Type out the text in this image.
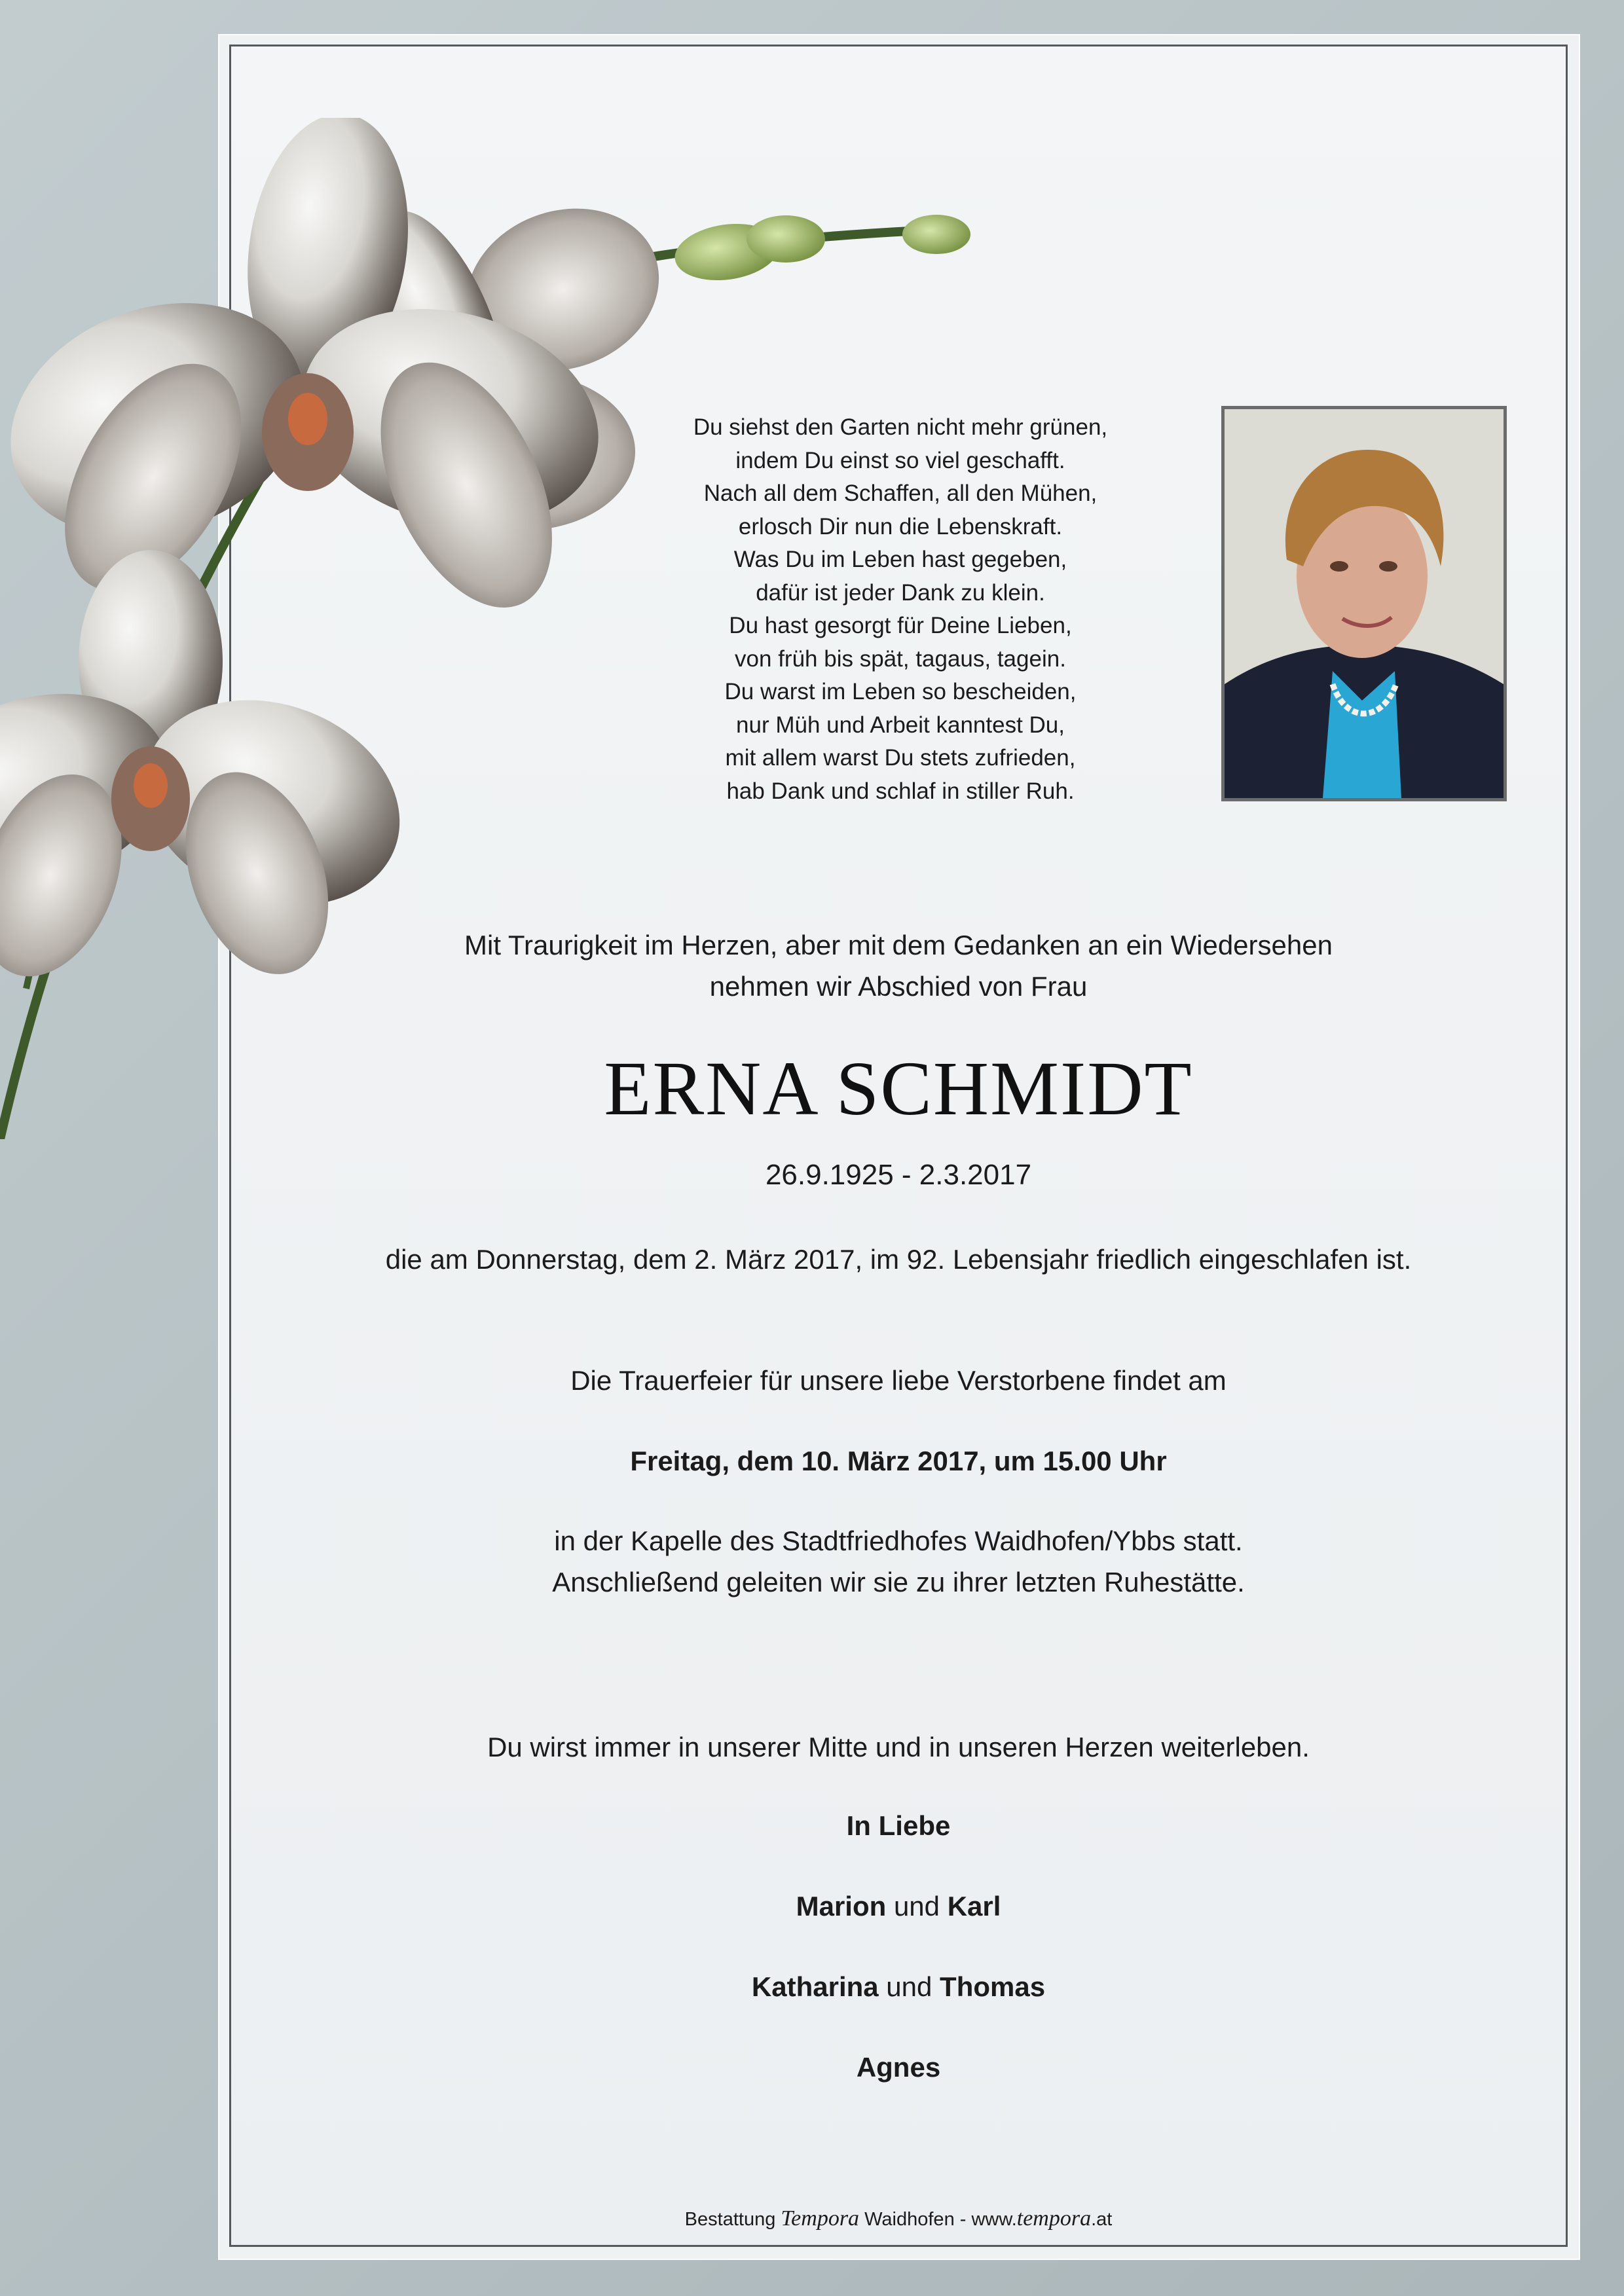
Du siehst den Garten nicht mehr grünen,
indem Du einst so viel geschafft.
Nach all dem Schaffen, all den Mühen,
erlosch Dir nun die Lebenskraft.
Was Du im Leben hast gegeben,
dafür ist jeder Dank zu klein.
Du hast gesorgt für Deine Lieben,
von früh bis spät, tagaus, tagein.
Du warst im Leben so bescheiden,
nur Müh und Arbeit kanntest Du,
mit allem warst Du stets zufrieden,
hab Dank und schlaf in stiller Ruh.
Mit Traurigkeit im Herzen, aber mit dem Gedanken an ein Wiedersehen
nehmen wir Abschied von Frau
ERNA SCHMIDT
26.9.1925 - 2.3.2017
die am Donnerstag, dem 2. März 2017, im 92. Lebensjahr friedlich eingeschlafen ist.
Die Trauerfeier für unsere liebe Verstorbene findet am
Freitag, dem 10. März 2017, um 15.00 Uhr
in der Kapelle des Stadtfriedhofes Waidhofen/Ybbs statt.
Anschließend geleiten wir sie zu ihrer letzten Ruhestätte.
Du wirst immer in unserer Mitte und in unseren Herzen weiterleben.
In Liebe
Marion und Karl
Katharina und Thomas
Agnes
Bestattung Tempora Waidhofen - www.tempora.at
